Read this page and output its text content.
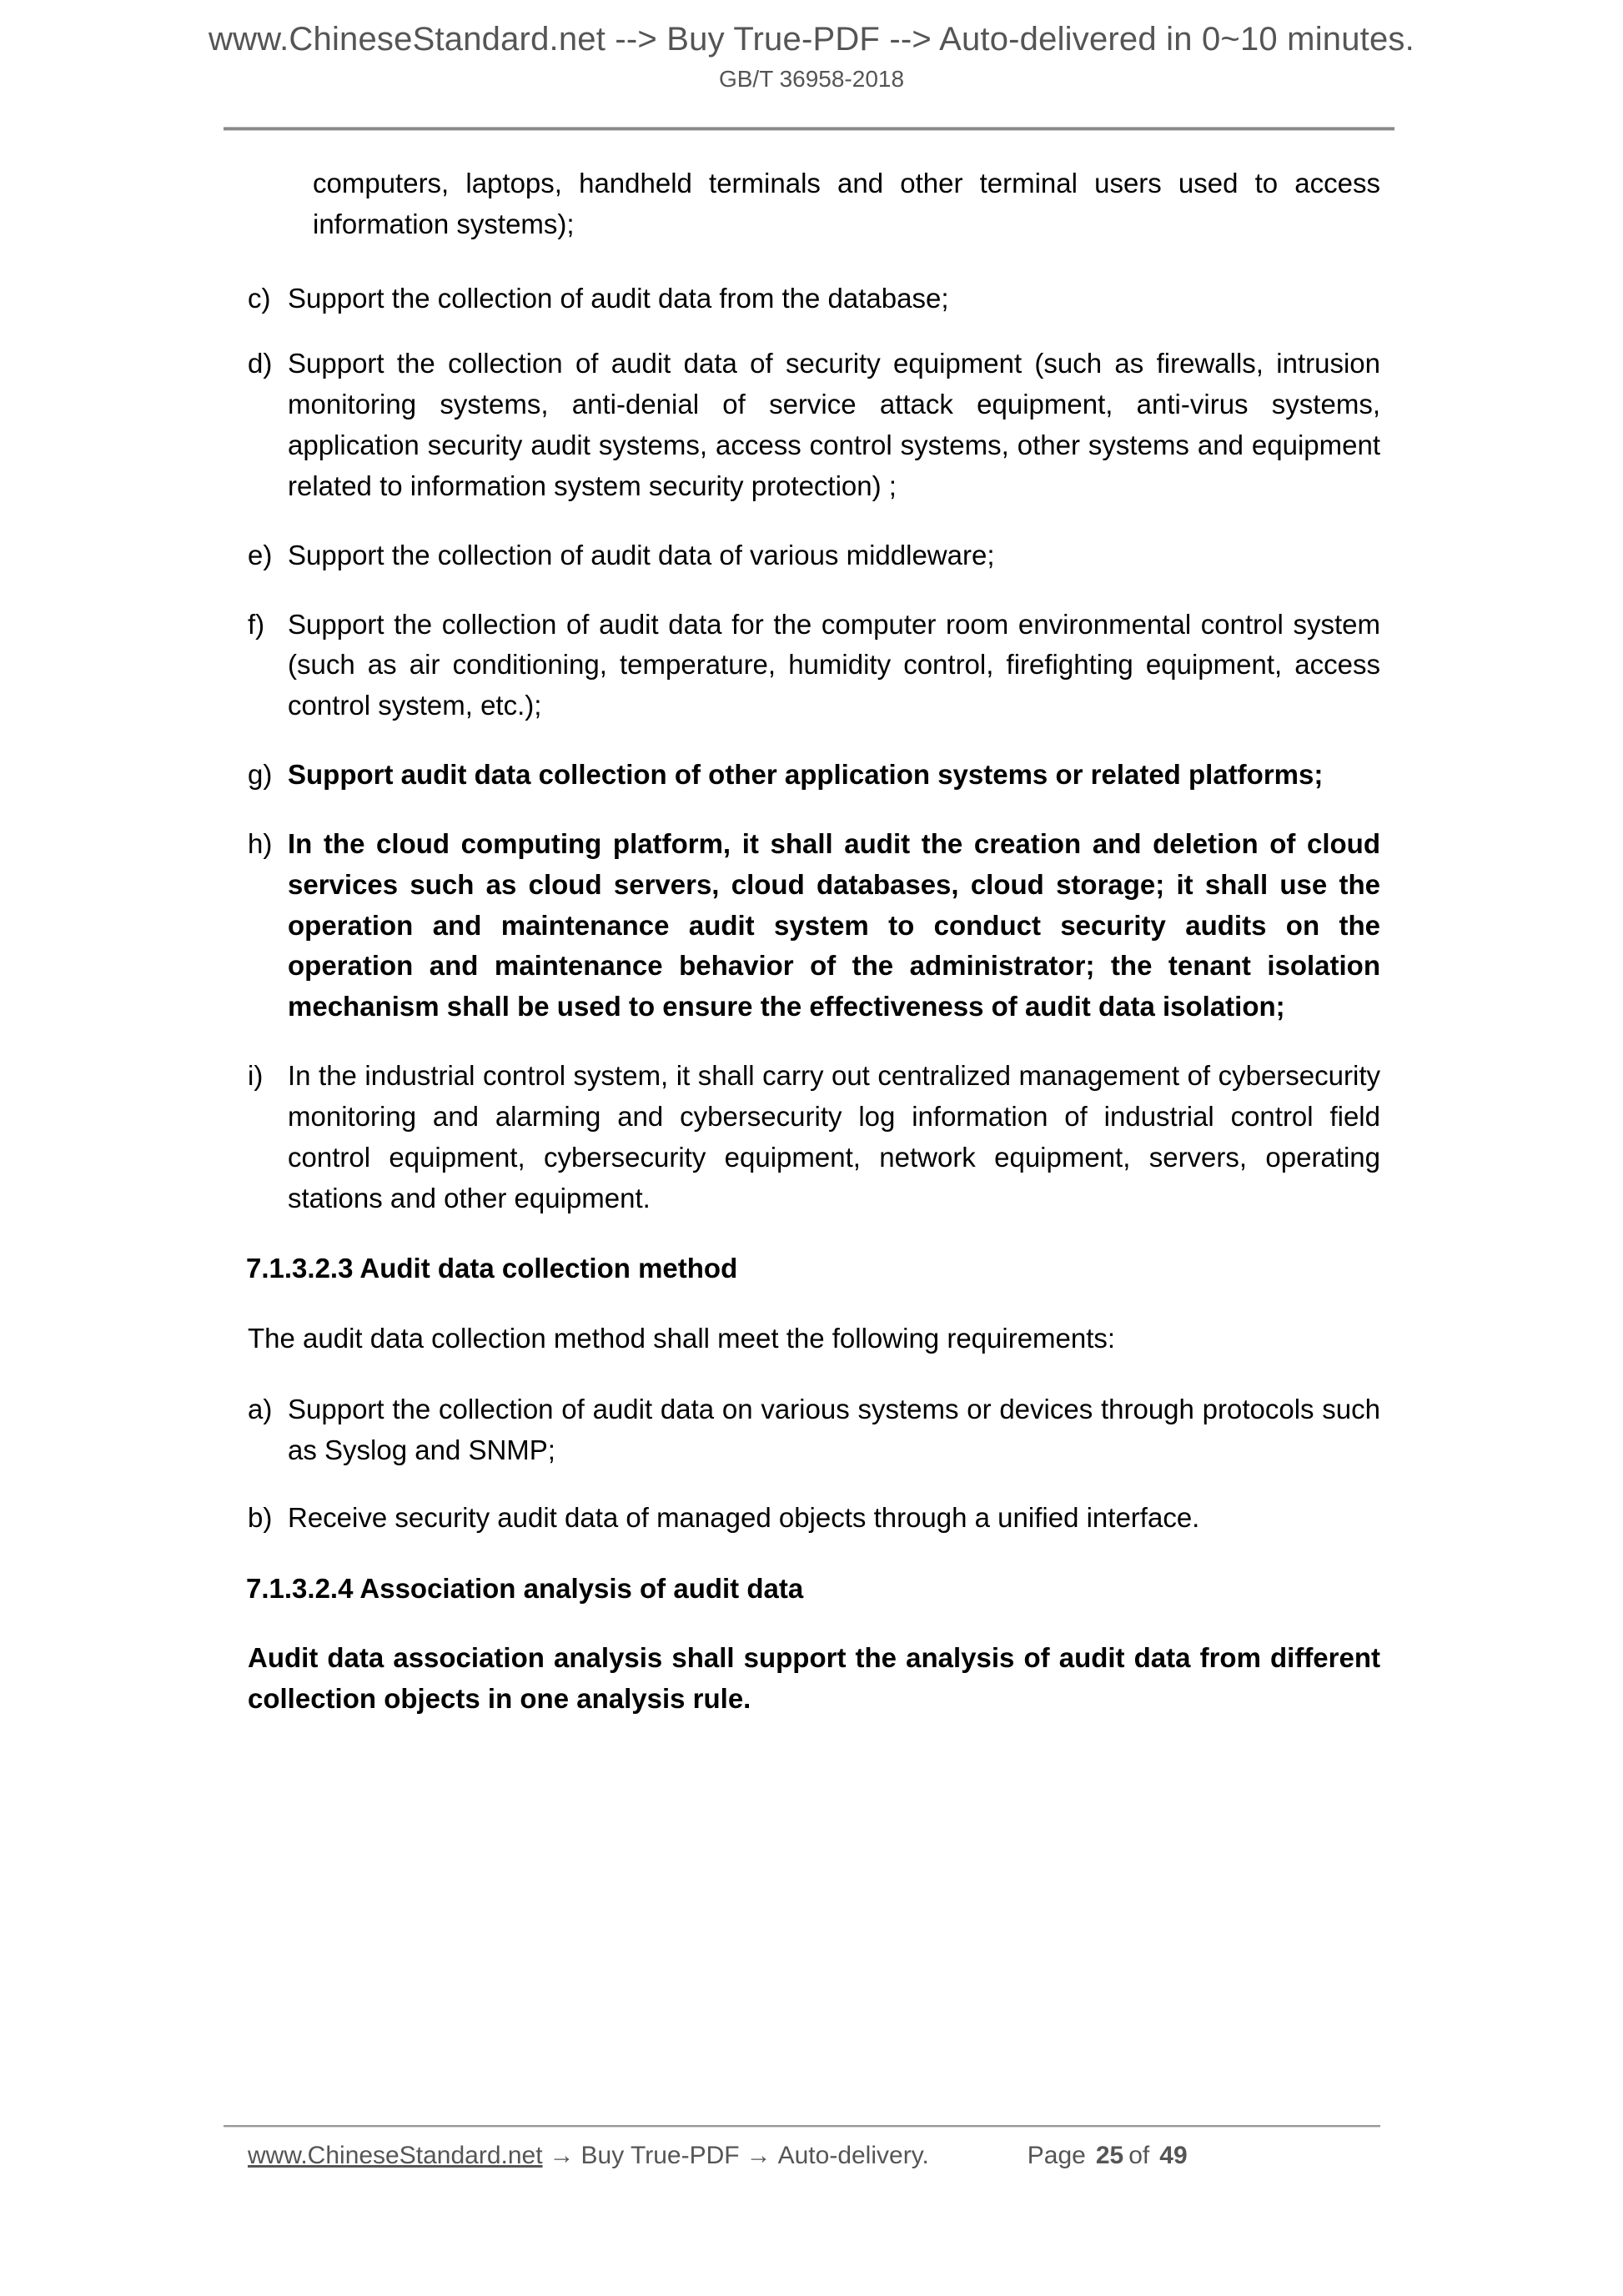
www.ChineseStandard.net --> Buy True-PDF --> Auto-delivered in 0~10 minutes.
GB/T 36958-2018

computers, laptops, handheld terminals and other terminal users used to access information systems);

c) Support the collection of audit data from the database;
d) Support the collection of audit data of security equipment (such as firewalls, intrusion monitoring systems, anti-denial of service attack equipment, anti-virus systems, application security audit systems, access control systems, other systems and equipment related to information system security protection) ;
e) Support the collection of audit data of various middleware;
f) Support the collection of audit data for the computer room environmental control system (such as air conditioning, temperature, humidity control, firefighting equipment, access control system, etc.);
g) Support audit data collection of other application systems or related platforms;
h) In the cloud computing platform, it shall audit the creation and deletion of cloud services such as cloud servers, cloud databases, cloud storage; it shall use the operation and maintenance audit system to conduct security audits on the operation and maintenance behavior of the administrator; the tenant isolation mechanism shall be used to ensure the effectiveness of audit data isolation;
i) In the industrial control system, it shall carry out centralized management of cybersecurity monitoring and alarming and cybersecurity log information of industrial control field control equipment, cybersecurity equipment, network equipment, servers, operating stations and other equipment.
7.1.3.2.3 Audit data collection method

The audit data collection method shall meet the following requirements:

a) Support the collection of audit data on various systems or devices through protocols such as Syslog and SNMP;
b) Receive security audit data of managed objects through a unified interface.
7.1.3.2.4 Association analysis of audit data

Audit data association analysis shall support the analysis of audit data from different collection objects in one analysis rule.

www.ChineseStandard.net → Buy True-PDF → Auto-delivery.	Page 25 of 49
